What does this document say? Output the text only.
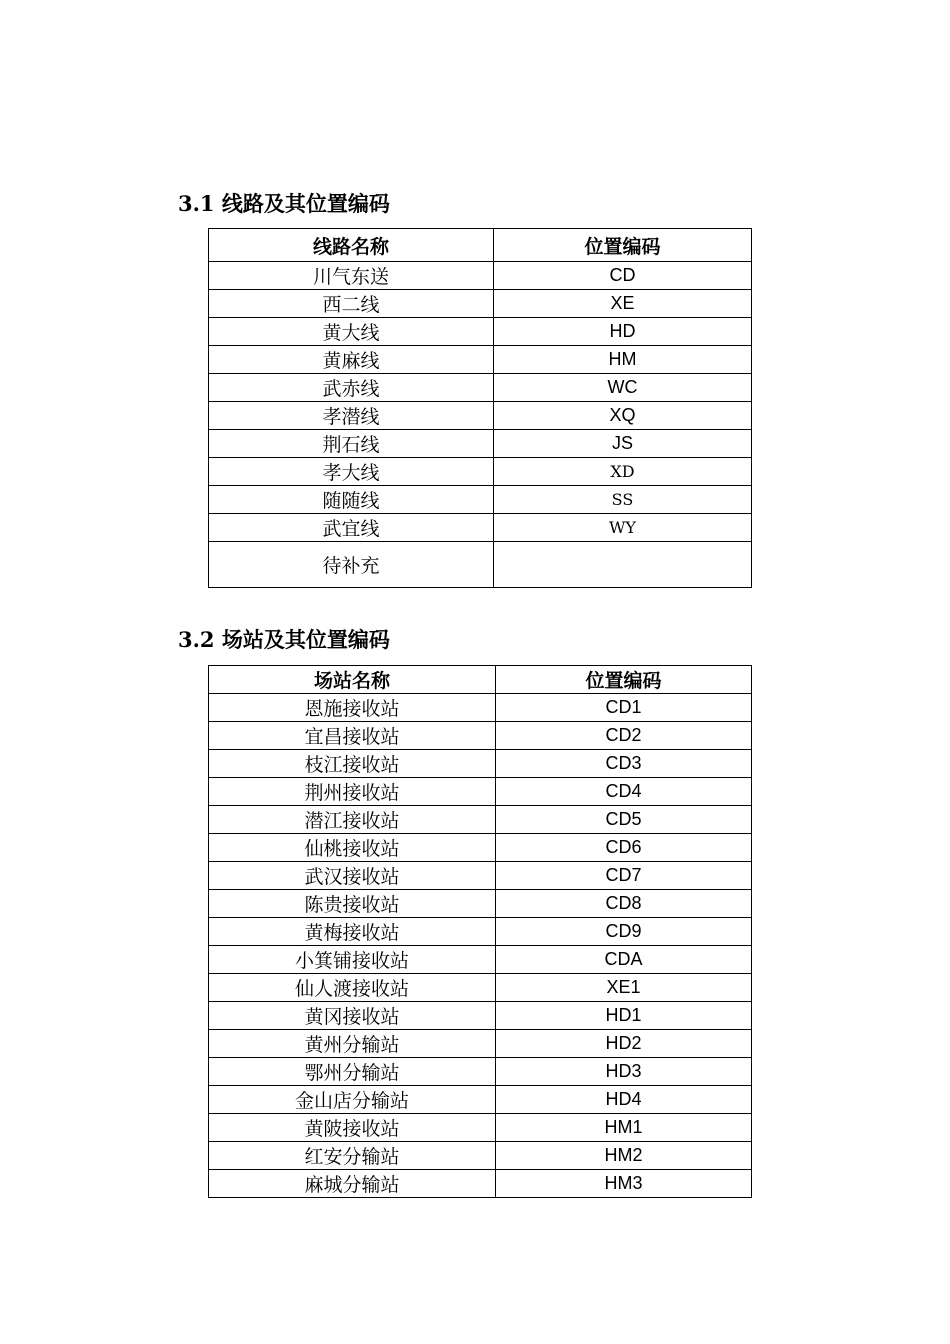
3.1 线路及其位置编码
线路名称	位置编码
川气东送	CD
西二线	XE
黄大线	HD
黄麻线	HM
武赤线	WC
孝潜线	XQ
荆石线	JS
孝大线	XD
随随线	SS
武宜线	WY
待补充	
3.2 场站及其位置编码
场站名称	位置编码
恩施接收站	CD1
宜昌接收站	CD2
枝江接收站	CD3
荆州接收站	CD4
潜江接收站	CD5
仙桃接收站	CD6
武汉接收站	CD7
陈贵接收站	CD8
黄梅接收站	CD9
小箕铺接收站	CDA
仙人渡接收站	XE1
黄冈接收站	HD1
黄州分输站	HD2
鄂州分输站	HD3
金山店分输站	HD4
黄陂接收站	HM1
红安分输站	HM2
麻城分输站	HM3
